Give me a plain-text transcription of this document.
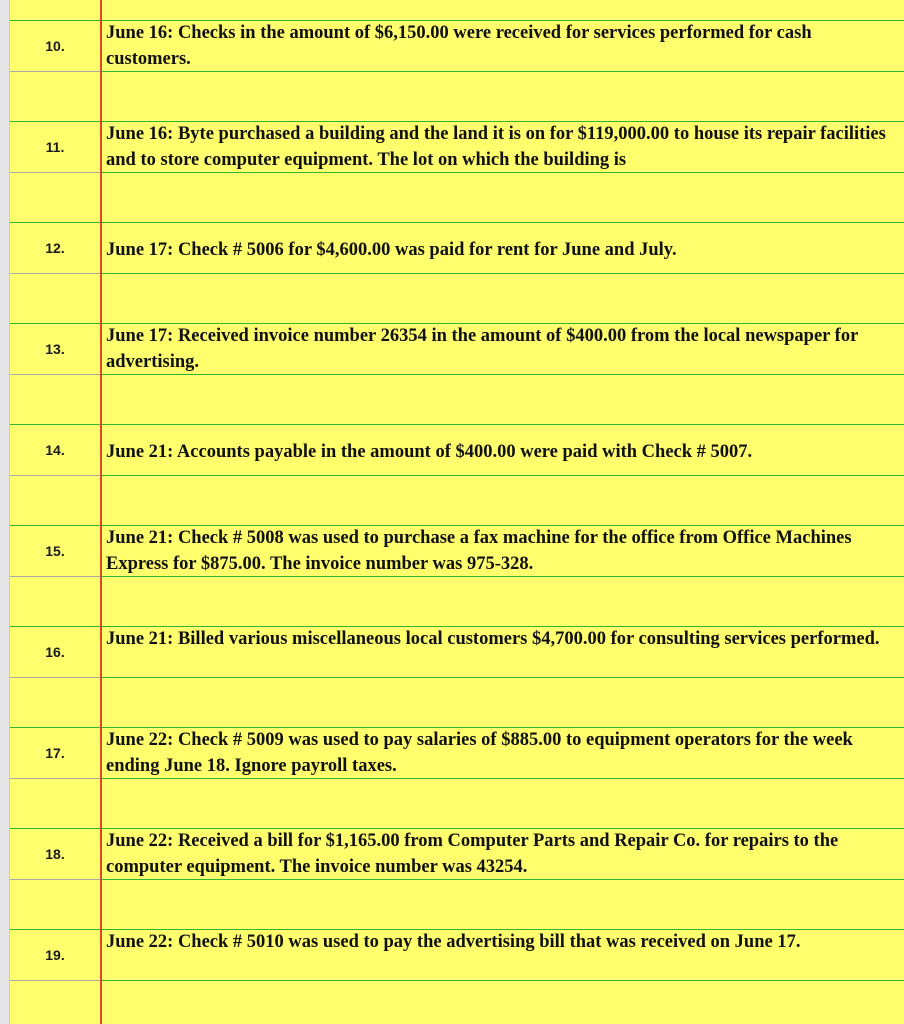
10.
June 16: Checks in the amount of $6,150.00 were received for services performed for cash customers.
11.
June 16: Byte purchased a building and the land it is on for $119,000.00 to house its repair facilities and to store computer equipment. The lot on which the building is
12.	June 17: Check # 5006 for $4,600.00 was paid for rent for June and July.
13.
June 17: Received invoice number 26354 in the amount of $400.00 from the local newspaper for advertising.
14.	June 21: Accounts payable in the amount of $400.00 were paid with Check # 5007.
15.
June 21: Check # 5008 was used to purchase a fax machine for the office from Office Machines Express for $875.00. The invoice number was 975-328.
16.
June 21: Billed various miscellaneous local customers $4,700.00 for consulting services performed.
17.
June 22: Check # 5009 was used to pay salaries of $885.00 to equipment operators for the week ending June 18. Ignore payroll taxes.
18.
June 22: Received a bill for $1,165.00 from Computer Parts and Repair Co. for repairs to the computer equipment. The invoice number was 43254.
19.
June 22: Check # 5010 was used to pay the advertising bill that was received on June 17.
